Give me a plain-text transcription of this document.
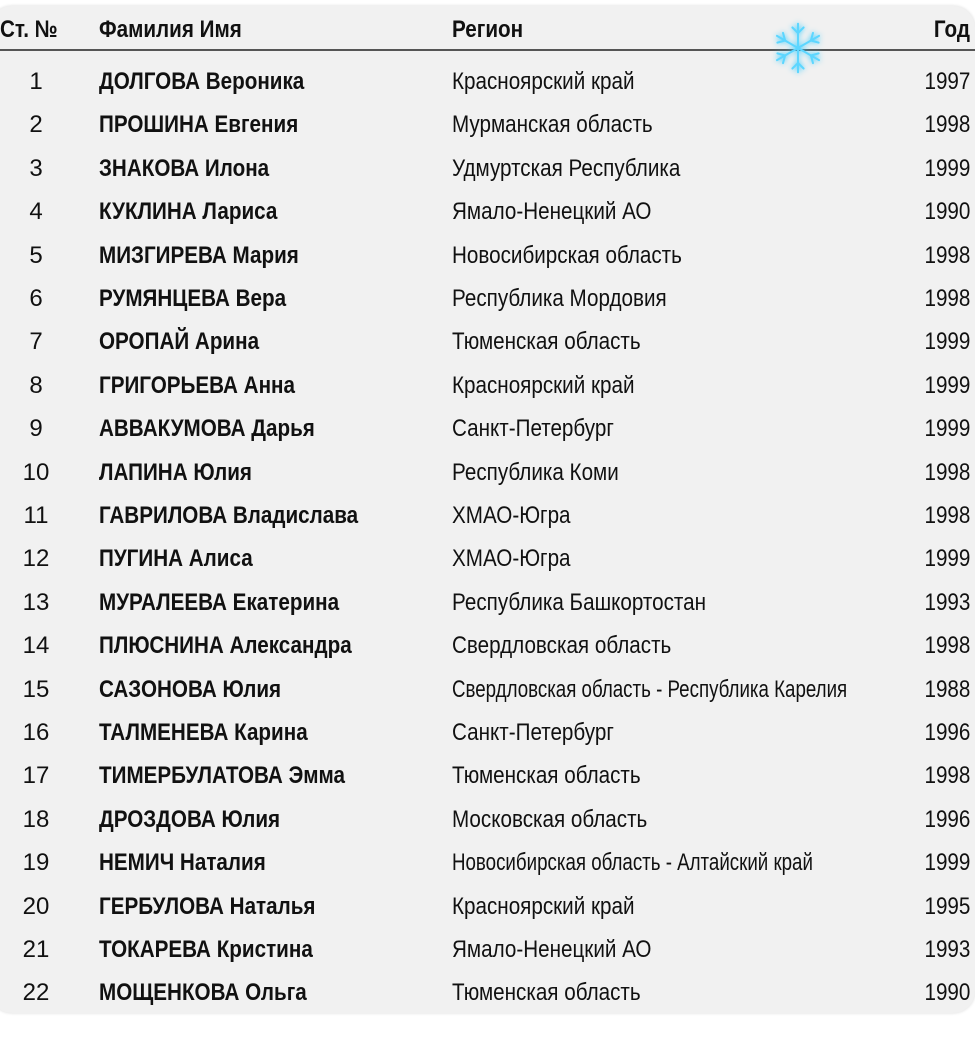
Ст. №	Фамилия Имя	Регион	Год
1	ДОЛГОВА Вероника	Красноярский край	1997
2	ПРОШИНА Евгения	Мурманская область	1998
3	ЗНАКОВА Илона	Удмуртская Республика	1999
4	КУКЛИНА Лариса	Ямало-Ненецкий АО	1990
5	МИЗГИРЕВА Мария	Новосибирская область	1998
6	РУМЯНЦЕВА Вера	Республика Мордовия	1998
7	ОРОПАЙ Арина	Тюменская область	1999
8	ГРИГОРЬЕВА Анна	Красноярский край	1999
9	АВВАКУМОВА Дарья	Санкт-Петербург	1999
10	ЛАПИНА Юлия	Республика Коми	1998
11	ГАВРИЛОВА Владислава	ХМАО-Югра	1998
12	ПУГИНА Алиса	ХМАО-Югра	1999
13	МУРАЛЕЕВА Екатерина	Республика Башкортостан	1993
14	ПЛЮСНИНА Александра	Свердловская область	1998
15	САЗОНОВА Юлия	Свердловская область - Республика Карелия	1988
16	ТАЛМЕНЕВА Карина	Санкт-Петербург	1996
17	ТИМЕРБУЛАТОВА Эмма	Тюменская область	1998
18	ДРОЗДОВА Юлия	Московская область	1996
19	НЕМИЧ Наталия	Новосибирская область - Алтайский край	1999
20	ГЕРБУЛОВА Наталья	Красноярский край	1995
21	ТОКАРЕВА Кристина	Ямало-Ненецкий АО	1993
22	МОЩЕНКОВА Ольга	Тюменская область	1990
